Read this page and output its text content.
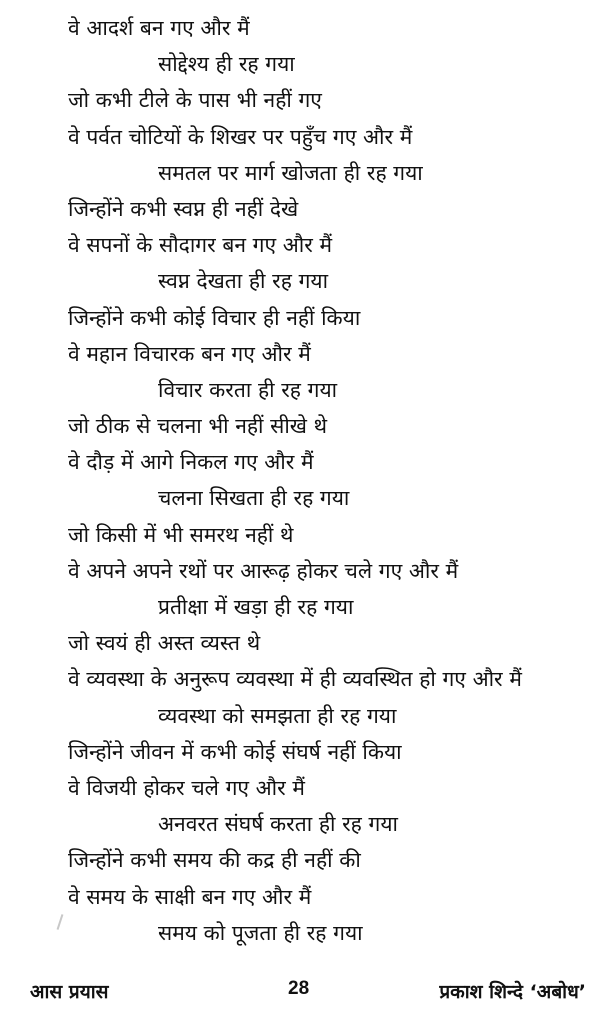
वे आदर्श बन गए और मैं
सोद्देश्य ही रह गया
जो कभी टीले के पास भी नहीं गए
वे पर्वत चोटियों के शिखर पर पहुँच गए और मैं
समतल पर मार्ग खोजता ही रह गया
जिन्होंने कभी स्वप्न ही नहीं देखे
वे सपनों के सौदागर बन गए और मैं
स्वप्न देखता ही रह गया
जिन्होंने कभी कोई विचार ही नहीं किया
वे महान विचारक बन गए और मैं
विचार करता ही रह गया
जो ठीक से चलना भी नहीं सीखे थे
वे दौड़ में आगे निकल गए और मैं
चलना सिखता ही रह गया
जो किसी में भी समरथ नहीं थे
वे अपने अपने रथों पर आरूढ़ होकर चले गए और मैं
प्रतीक्षा में खड़ा ही रह गया
जो स्वयं ही अस्त व्यस्त थे
वे व्यवस्था के अनुरूप व्यवस्था में ही व्यवस्थित हो गए और मैं
व्यवस्था को समझता ही रह गया
जिन्होंने जीवन में कभी कोई संघर्ष नहीं किया
वे विजयी होकर चले गए और मैं
अनवरत संघर्ष करता ही रह गया
जिन्होंने कभी समय की कद्र ही नहीं की
वे समय के साक्षी बन गए और मैं
समय को पूजता ही रह गया
आस प्रयास	28	प्रकाश शिन्दे ‘अबोध’
